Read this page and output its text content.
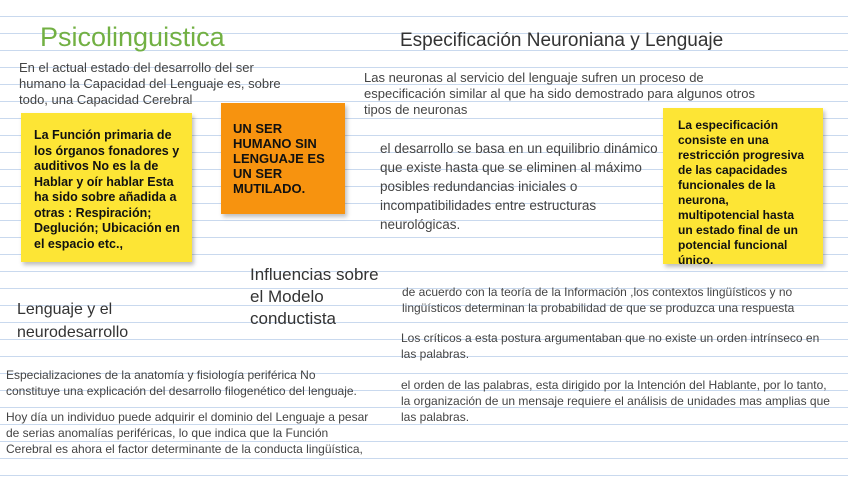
Psicolinguistica	Especificación Neuroniana y Lenguaje
En el actual estado del desarrollo del ser humano la Capacidad del Lenguaje es, sobre todo, una Capacidad Cerebral
La Función primaria de los órganos fonadores y auditivos No es la de Hablar y oír hablar Esta ha sido sobre añadida a otras : Respiración; Deglución; Ubicación en el espacio etc.,
UN SER HUMANO SIN LENGUAJE ES UN SER MUTILADO.
Las neuronas al servicio del lenguaje sufren un proceso de especificación similar al que ha sido demostrado para algunos otros tipos de neuronas
el desarrollo se basa en un equilibrio dinámico que existe hasta que se eliminen al máximo posibles redundancias iniciales o incompatibilidades entre estructuras neurológicas.
La especificación consiste en una restricción progresiva de las capacidades funcionales de la neurona, multipotencial hasta un estado final de un potencial funcional único.
Influencias sobre el Modelo conductista
Lenguaje y el neurodesarrollo
de acuerdo con la teoría de la Información ,los contextos lingüísticos y no lingüísticos determinan la probabilidad de que se produzca una respuesta
Los críticos a esta postura argumentaban que no existe un orden intrínseco en las palabras.
el orden de las palabras, esta dirigido por la Intención del Hablante, por lo tanto, la organización de un mensaje requiere el análisis de unidades mas amplias que las palabras.
Especializaciones de la anatomía y fisiología periférica No constituye una explicación del desarrollo filogenético del lenguaje.
Hoy día un individuo puede adquirir el dominio del Lenguaje a pesar de serias anomalías periféricas, lo que indica que la Función Cerebral es ahora el factor determinante de la conducta lingüística,
